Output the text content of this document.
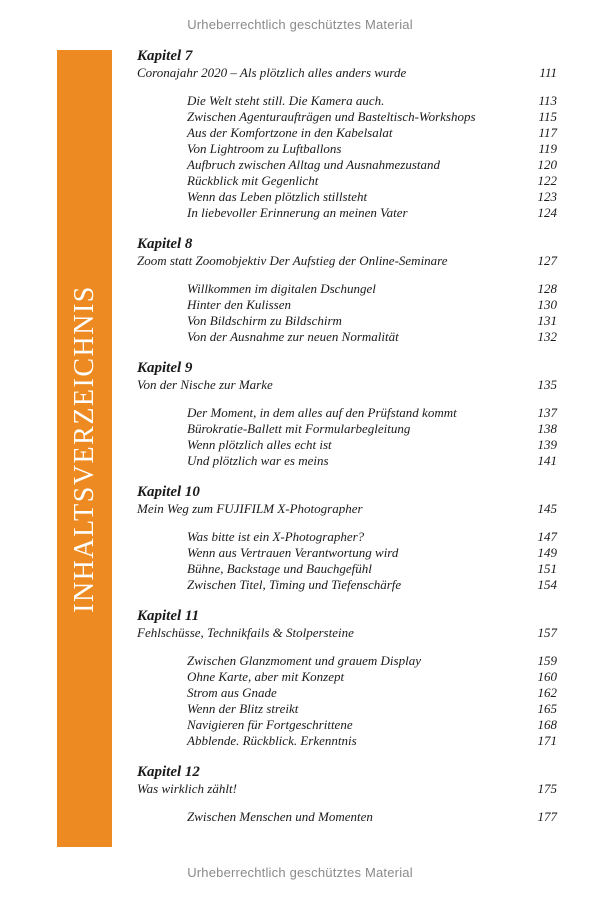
Urheberrechtlich geschütztes Material
INHALTSVERZEICHNIS
Kapitel 7
Coronajahr 2020 – Als plötzlich alles anders wurde	111
Die Welt steht still. Die Kamera auch.	113
Zwischen Agenturaufträgen und Basteltisch-Workshops	115
Aus der Komfortzone in den Kabelsalat	117
Von Lightroom zu Luftballons	119
Aufbruch zwischen Alltag und Ausnahmezustand	120
Rückblick mit Gegenlicht	122
Wenn das Leben plötzlich stillsteht	123
In liebevoller Erinnerung an meinen Vater	124
Kapitel 8
Zoom statt Zoomobjektiv Der Aufstieg der Online-Seminare	127
Willkommen im digitalen Dschungel	128
Hinter den Kulissen	130
Von Bildschirm zu Bildschirm	131
Von der Ausnahme zur neuen Normalität	132
Kapitel 9
Von der Nische zur Marke	135
Der Moment, in dem alles auf den Prüfstand kommt	137
Bürokratie-Ballett mit Formularbegleitung	138
Wenn plötzlich alles echt ist	139
Und plötzlich war es meins	141
Kapitel 10
Mein Weg zum FUJIFILM X-Photographer	145
Was bitte ist ein X-Photographer?	147
Wenn aus Vertrauen Verantwortung wird	149
Bühne, Backstage und Bauchgefühl	151
Zwischen Titel, Timing und Tiefenschärfe	154
Kapitel 11
Fehlschüsse, Technikfails & Stolpersteine	157
Zwischen Glanzmoment und grauem Display	159
Ohne Karte, aber mit Konzept	160
Strom aus Gnade	162
Wenn der Blitz streikt	165
Navigieren für Fortgeschrittene	168
Abblende. Rückblick. Erkenntnis	171
Kapitel 12
Was wirklich zählt!	175
Zwischen Menschen und Momenten	177
Urheberrechtlich geschütztes Material
